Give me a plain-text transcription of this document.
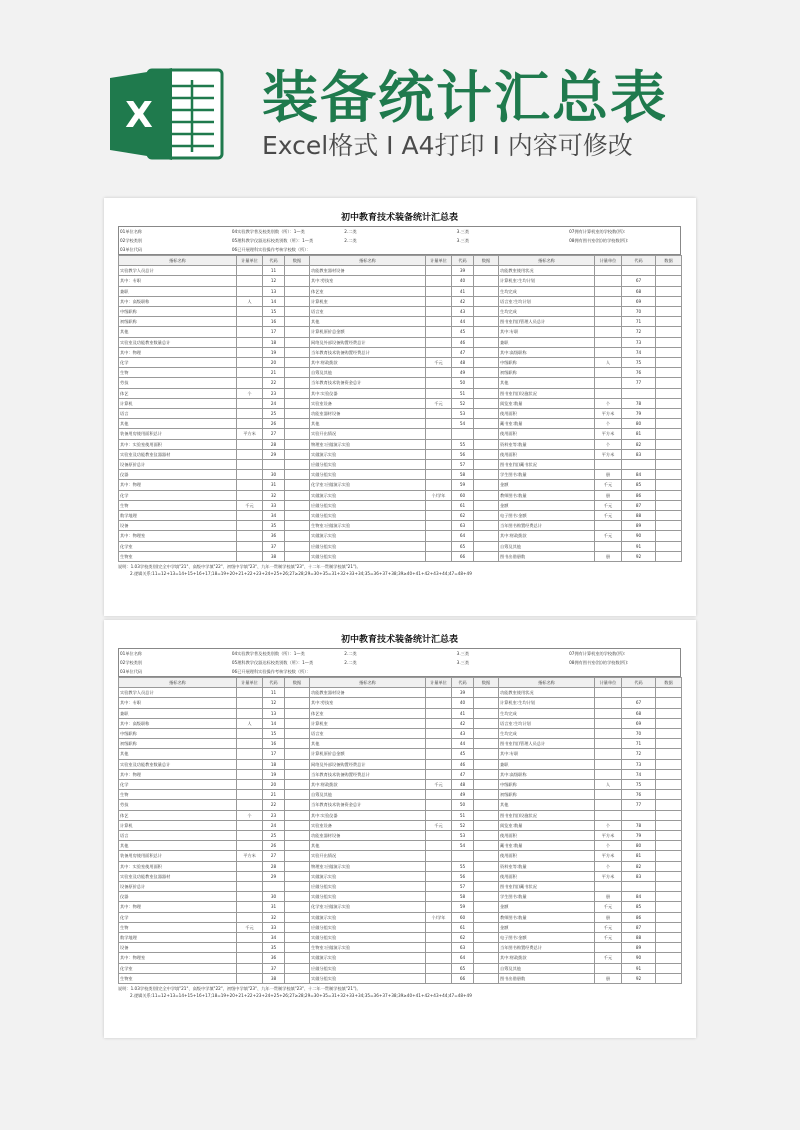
X 装备统计汇总表
Excel格式 I A4打印 I 内容可修改
初中教育技术装备统计汇总表
01单位名称	04实验教学普及校类别数（所）：1—类	2.二类	3.三类	07拥有计算机室的学校数(所):
02学校类别	05理科教学仪器达标校类别数（所）：1—类	2.二类	3.三类	08拥有图书室(馆)的学校数(所):
03单位代码	06已开展理科实验操作考核学校数（所）：			
指标名称	计量单位	代码	数据	指标名称	计量单位	代码	数据	指标名称	计量单位	代码	数据
实验教学人员总计		11		功能教室器材设备		39		功能教室使用状况			
其中：专职		12		其中:劳技室		40		计算机室:生均计划		67	
兼职		13		体艺室		41		生均完成		68	
其中：高级职称	人	14		计算机室		42		语言室:生均计划		69	
中级职称		15		语言室		43		生均完成		70	
初级职称		16		其他		44		图书室(馆)管理人员总计		71	
其他		17		计算机原价总金额		45		其中:专职		72	
实验室及功能教室数量总计		18		网络及外部设备购置经费总计		46		兼职		73	
其中：物理		19		当年教育技术装备购置经费总计		47		其中:高级职称		74	
化学		20		其中:财政拨款	千元	48		中级职称	人	75	
生物		21		自筹及其他		49		初级职称		76	
劳技		22		当年教育技术装备资金总计		50		其他		77	
体艺	个	23		其中:实验仪器		51		图书室(馆)设施状况			
计算机		24		实验室设备	千元	52		阅览室:数量	个	78	
语言		25		功能室器材设备		53		使用面积	平方米	79	
其他		26		其他		54		藏书室:数量	个	80	
装备用房使用面积总计	平方米	27		实验开出情况				使用面积	平方米	81	
其中：实验室使用面积		28		物理室:应做演示实验		55		资料室等:数量	个	82	
实验室及功能教室仪器器材		29		实做演示实验		56		使用面积	平方米	83	
设备原价总计				应做分组实验		57		图书室(馆)藏书状况			
仪器		30		实做分组实验		58		学生图书:数量	册	84	
其中：物理		31		化学室:应做演示实验		59		金额	千元	85	
化学		32		实做演示实验	个/学年	60		教师图书:数量	册	86	
生物	千元	33		应做分组实验		61		金额	千元	87	
数学地理		34		实做分组实验		62		电子图书:金额	千元	88	
设备		35		生物室:应做演示实验		63		当年图书购置经费总计		89	
其中：物理室		36		实做演示实验		64		其中:财政拨款	千元	90	
化学室		37		应做分组实验		65		自筹及其他		91	
生物室		38		实做分组实验		66		图书出借册数	册	92	
说明：1.03学校类别(完全中学填"21"、高级中学填"22"、初级中学填"23"、九年一贯制学校填"23"、十二年一贯制学校填"21")。
2.逻辑关系:11=12+13=14+15+16+17;18=19+20+21+22+23+24+25+26;27≥28;29=30+35=31+32+33+34;35=36+37+38;39≥40+41+42+43+44;47=48+49
初中教育技术装备统计汇总表
01单位名称	04实验教学普及校类别数（所）：1—类	2.二类	3.三类	07拥有计算机室的学校数(所):
02学校类别	05理科教学仪器达标校类别数（所）：1—类	2.二类	3.三类	08拥有图书室(馆)的学校数(所):
03单位代码	06已开展理科实验操作考核学校数（所）：			
指标名称	计量单位	代码	数据	指标名称	计量单位	代码	数据	指标名称	计量单位	代码	数据
实验教学人员总计		11		功能教室器材设备		39		功能教室使用状况			
其中：专职		12		其中:劳技室		40		计算机室:生均计划		67	
兼职		13		体艺室		41		生均完成		68	
其中：高级职称	人	14		计算机室		42		语言室:生均计划		69	
中级职称		15		语言室		43		生均完成		70	
初级职称		16		其他		44		图书室(馆)管理人员总计		71	
其他		17		计算机原价总金额		45		其中:专职		72	
实验室及功能教室数量总计		18		网络及外部设备购置经费总计		46		兼职		73	
其中：物理		19		当年教育技术装备购置经费总计		47		其中:高级职称		74	
化学		20		其中:财政拨款	千元	48		中级职称	人	75	
生物		21		自筹及其他		49		初级职称		76	
劳技		22		当年教育技术装备资金总计		50		其他		77	
体艺	个	23		其中:实验仪器		51		图书室(馆)设施状况			
计算机		24		实验室设备	千元	52		阅览室:数量	个	78	
语言		25		功能室器材设备		53		使用面积	平方米	79	
其他		26		其他		54		藏书室:数量	个	80	
装备用房使用面积总计	平方米	27		实验开出情况				使用面积	平方米	81	
其中：实验室使用面积		28		物理室:应做演示实验		55		资料室等:数量	个	82	
实验室及功能教室仪器器材		29		实做演示实验		56		使用面积	平方米	83	
设备原价总计				应做分组实验		57		图书室(馆)藏书状况			
仪器		30		实做分组实验		58		学生图书:数量	册	84	
其中：物理		31		化学室:应做演示实验		59		金额	千元	85	
化学		32		实做演示实验	个/学年	60		教师图书:数量	册	86	
生物	千元	33		应做分组实验		61		金额	千元	87	
数学地理		34		实做分组实验		62		电子图书:金额	千元	88	
设备		35		生物室:应做演示实验		63		当年图书购置经费总计		89	
其中：物理室		36		实做演示实验		64		其中:财政拨款	千元	90	
化学室		37		应做分组实验		65		自筹及其他		91	
生物室		38		实做分组实验		66		图书出借册数	册	92	
说明：1.03学校类别(完全中学填"21"、高级中学填"22"、初级中学填"23"、九年一贯制学校填"23"、十二年一贯制学校填"21")。
2.逻辑关系:11=12+13=14+15+16+17;18=19+20+21+22+23+24+25+26;27≥28;29=30+35=31+32+33+34;35=36+37+38;39≥40+41+42+43+44;47=48+49
